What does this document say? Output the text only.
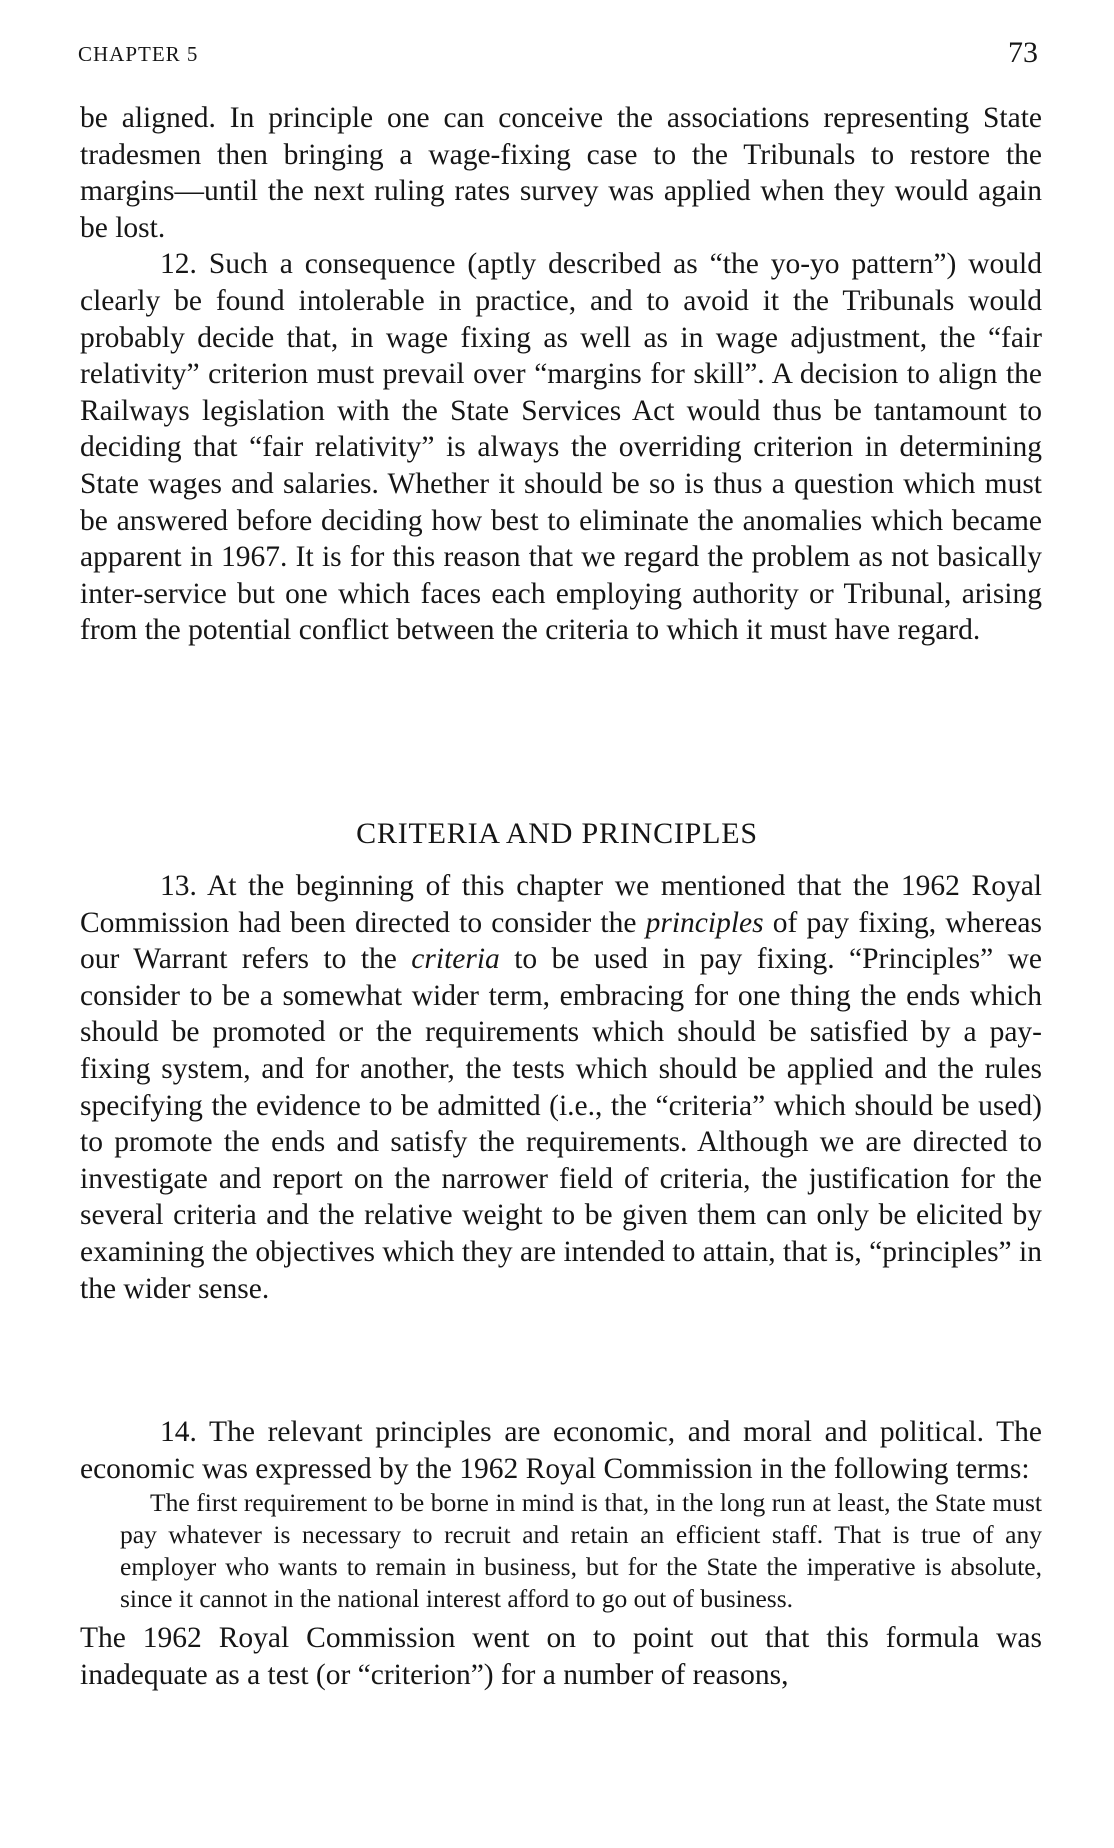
CHAPTER 5	73

be aligned. In principle one can conceive the associations representing State tradesmen then bringing a wage-fixing case to the Tribunals to restore the margins—until the next ruling rates survey was applied when they would again be lost.

12. Such a consequence (aptly described as “the yo-yo pattern”) would clearly be found intolerable in practice, and to avoid it the Tribunals would probably decide that, in wage fixing as well as in wage adjustment, the “fair relativity” criterion must prevail over “margins for skill”. A decision to align the Railways legislation with the State Services Act would thus be tantamount to deciding that “fair relativity” is always the overriding criterion in determining State wages and salaries. Whether it should be so is thus a question which must be answered before deciding how best to eliminate the anomalies which became apparent in 1967. It is for this reason that we regard the problem as not basically inter-service but one which faces each employing authority or Tribunal, arising from the potential conflict between the criteria to which it must have regard.

CRITERIA AND PRINCIPLES

13. At the beginning of this chapter we mentioned that the 1962 Royal Commission had been directed to consider the principles of pay fixing, whereas our Warrant refers to the criteria to be used in pay fixing. “Principles” we consider to be a somewhat wider term, embracing for one thing the ends which should be promoted or the requirements which should be satisfied by a pay-fixing system, and for another, the tests which should be applied and the rules specifying the evidence to be admitted (i.e., the “criteria” which should be used) to promote the ends and satisfy the requirements. Although we are directed to investigate and report on the narrower field of criteria, the justification for the several criteria and the relative weight to be given them can only be elicited by examining the objectives which they are intended to attain, that is, “principles” in the wider sense.

14. The relevant principles are economic, and moral and political. The economic was expressed by the 1962 Royal Commission in the following terms:

The first requirement to be borne in mind is that, in the long run at least, the State must pay whatever is necessary to recruit and retain an efficient staff. That is true of any employer who wants to remain in business, but for the State the imperative is absolute, since it cannot in the national interest afford to go out of business.

The 1962 Royal Commission went on to point out that this formula was inadequate as a test (or “criterion”) for a number of reasons,
